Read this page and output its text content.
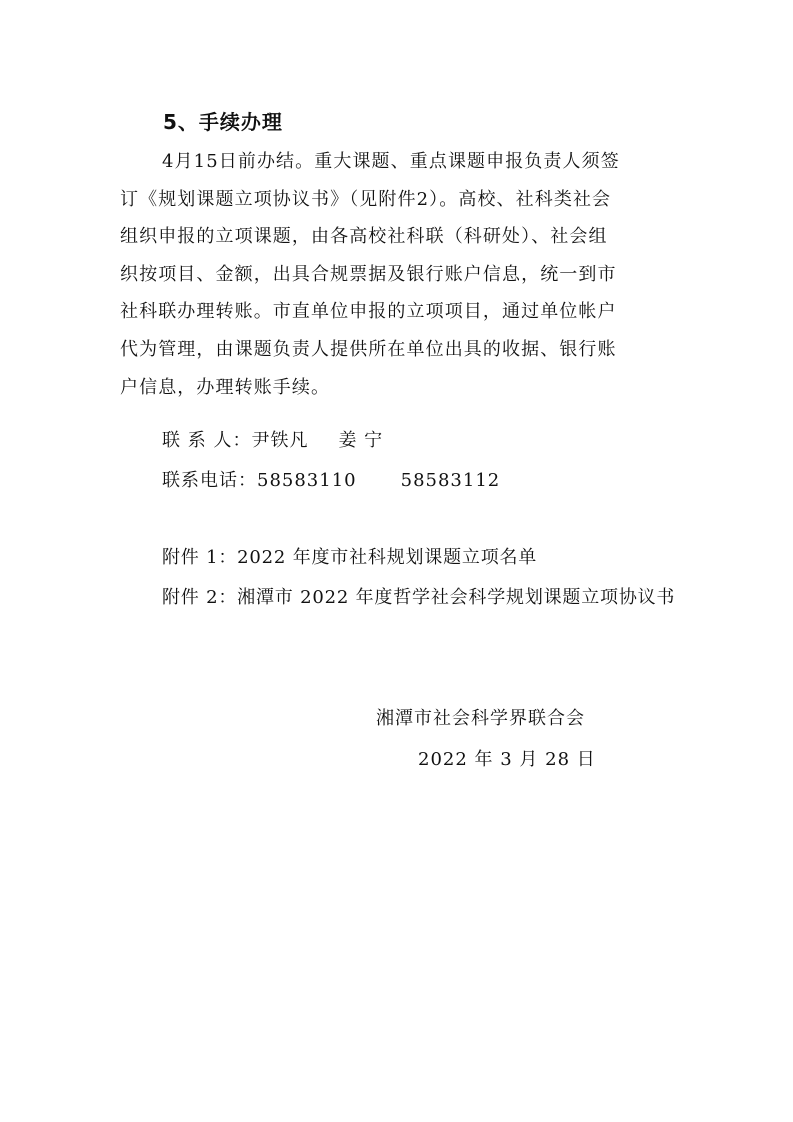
5、手续办理
4月15日前办结。重大课题、重点课题申报负责人须签
订《规划课题立项协议书》（见附件2）。高校、社科类社会
组织申报的立项课题，由各高校社科联（科研处）、社会组
织按项目、金额，出具合规票据及银行账户信息，统一到市
社科联办理转账。市直单位申报的立项项目，通过单位帐户
代为管理，由课题负责人提供所在单位出具的收据、银行账
户信息，办理转账手续。
联 系 人：尹铁凡 姜 宁
联系电话：58583110 58583112
附件 1：2022 年度市社科规划课题立项名单
附件 2：湘潭市 2022 年度哲学社会科学规划课题立项协议书
湘潭市社会科学界联合会
2022 年 3 月 28 日
